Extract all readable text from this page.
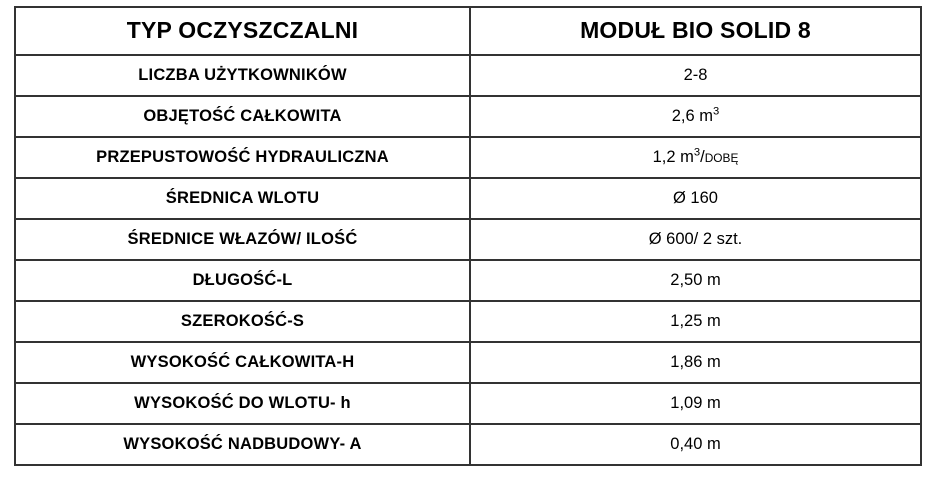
TYP OCZYSZCZALNI	MODUŁ BIO SOLID 8

LICZBA UŻYTKOWNIKÓW	2-8

OBJĘTOŚĆ CAŁKOWITA	2,6 $m^3$

PRZEPUSTOWOŚĆ HYDRAULICZNA	1,2 $m^3$/DOBĘ

ŚREDNICA WLOTU	Ø 160

ŚREDNICE WŁAZÓW/ ILOŚĆ	Ø 600/ 2 szt.

DŁUGOŚĆ-L	2,50 m

SZEROKOŚĆ-S	1,25 m

WYSOKOŚĆ CAŁKOWITA-H	1,86 m

WYSOKOŚĆ DO WLOTU- h	1,09 m

WYSOKOŚĆ NADBUDOWY- A	0,40 m
